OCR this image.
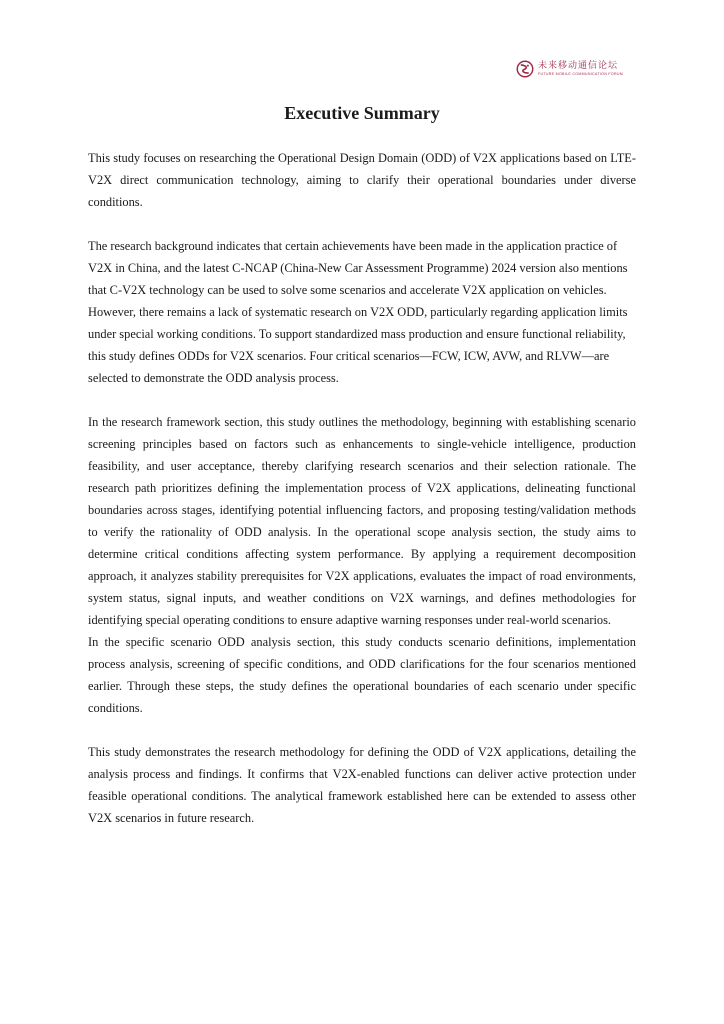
未来移动通信论坛
FUTURE MOBILE COMMUNICATION FORUM
Executive Summary

This study focuses on researching the Operational Design Domain (ODD) of V2X applications based on LTE-V2X direct communication technology, aiming to clarify their operational boundaries under diverse conditions.

The research background indicates that certain achievements have been made in the application practice of V2X in China, and the latest C-NCAP (China-New Car Assessment Programme) 2024 version also mentions that C-V2X technology can be used to solve some scenarios and accelerate V2X application on vehicles. However, there remains a lack of systematic research on V2X ODD, particularly regarding application limits under special working conditions. To support standardized mass production and ensure functional reliability, this study defines ODDs for V2X scenarios. Four critical scenarios—FCW, ICW, AVW, and RLVW—are selected to demonstrate the ODD analysis process.

In the research framework section, this study outlines the methodology, beginning with establishing scenario screening principles based on factors such as enhancements to single-vehicle intelligence, production feasibility, and user acceptance, thereby clarifying research scenarios and their selection rationale. The research path prioritizes defining the implementation process of V2X applications, delineating functional boundaries across stages, identifying potential influencing factors, and proposing testing/validation methods to verify the rationality of ODD analysis. In the operational scope analysis section, the study aims to determine critical conditions affecting system performance. By applying a requirement decomposition approach, it analyzes stability prerequisites for V2X applications, evaluates the impact of road environments, system status, signal inputs, and weather conditions on V2X warnings, and defines methodologies for identifying special operating conditions to ensure adaptive warning responses under real-world scenarios.

In the specific scenario ODD analysis section, this study conducts scenario definitions, implementation process analysis, screening of specific conditions, and ODD clarifications for the four scenarios mentioned earlier. Through these steps, the study defines the operational boundaries of each scenario under specific conditions.

This study demonstrates the research methodology for defining the ODD of V2X applications, detailing the analysis process and findings. It confirms that V2X-enabled functions can deliver active protection under feasible operational conditions. The analytical framework established here can be extended to assess other V2X scenarios in future research.
